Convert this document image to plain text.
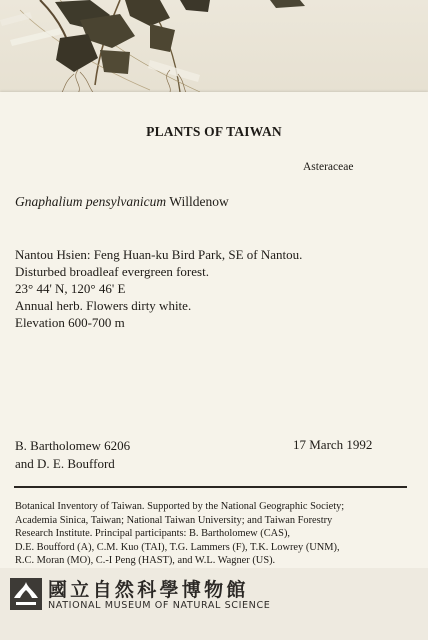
PLANTS OF TAIWAN
Asteraceae
Gnaphalium pensylvanicum Willdenow
Nantou Hsien: Feng Huan-ku Bird Park, SE of Nantou.
Disturbed broadleaf evergreen forest.
23° 44' N, 120° 46' E
Annual herb. Flowers dirty white.
Elevation 600-700 m
B. Bartholomew 6206
and D. E. Boufford
17 March 1992
Botanical Inventory of Taiwan. Supported by the National Geographic Society;
Academia Sinica, Taiwan; National Taiwan University; and Taiwan Forestry
Research Institute. Principal participants: B. Bartholomew (CAS),
D.E. Boufford (A), C.M. Kuo (TAI), T.G. Lammers (F), T.K. Lowrey (UNM),
R.C. Moran (MO), C.-I Peng (HAST), and W.L. Wagner (US).
國立自然科學博物館
NATIONAL MUSEUM OF NATURAL SCIENCE
